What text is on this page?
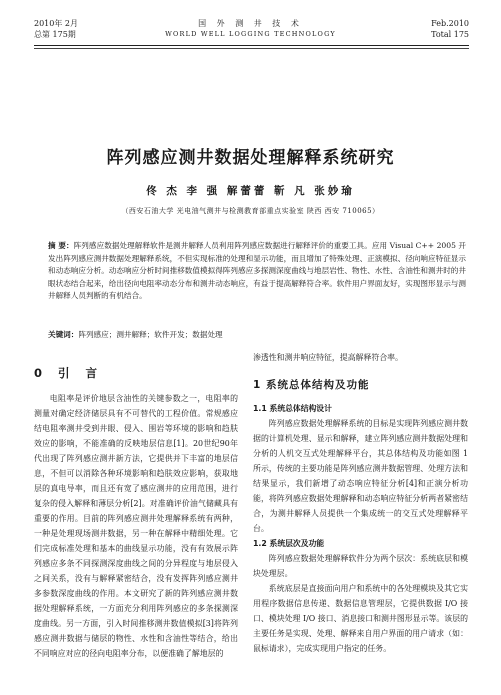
2010年 2月
总第 175期
国 外 测 井 技 术
WORLD WELL LOGGING TECHNOLOGY
Feb.2010
Total 175
阵列感应测井数据处理解释系统研究
佟 杰 李 强 解蕾蕾 靳 凡 张妙瑜
（西安石油大学 光电油气测井与检测教育部重点实验室 陕西 西安 710065）
摘 要：阵列感应数据处理解释软件是测井解释人员利用阵列感应数据进行解释评价的重要工具。应用 Visual C++ 2005 开发出阵列感应测井数据处理解释系统，不但实现标准的处理和显示功能，而且增加了特殊处理、正演模拟、径向响应特征显示和动态响应分析。动态响应分析时间推移数值模拟得阵列感应多探测深度曲线与地层岩性、物性、水性、含油性和测井时的井眼状态结合起来，给出径向电阻率动态分布和测井动态响应，有益于提高解释符合率。软件用户界面友好，实现图形显示与测井解释人员判断的有机结合。
关键词：阵列感应；测井解释；软件开发；数据处理
0 引 言

电阻率是评价地层含油性的关键参数之一，电阻率的测量对确定经济储层具有不可替代的工程价值。常规感应结电阻率测井受到井眼、侵入、围岩等环境的影响和趋肤效应的影响，不能准确的反映地层信息[1]。20世纪90年代出现了阵列感应测井新方法，它提供并下丰富的地层信息，不但可以消除各种环境影响和趋肤效应影响，获取地层的真电导率，而且还有宽了感应测井的应用范围，进行复杂的侵入解释和薄层分析[2]。对准确评价油气储藏具有重要的作用。目前的阵列感应测井处理解释系统有两种，一种是处理现场测井数据，另一种在解释中精细处理。它们完成标准处理和基本的曲线显示功能，没有有效展示阵列感应多条不同探测深度曲线之间的分异程度与地层侵入之间关系，没有与解释紧密结合，没有发挥阵列感应测井多参数深度曲线的作用。本文研究了新的阵列感应测井数据处理解释系统，一方面充分利用阵列感应的多条探测深度曲线。另一方面，引入时间推移测井数值模拟[3]将阵列感应测井数据与储层的物性、水性和含油性等结合，给出不同响应对应的径向电阻率分布，以便准确了解地层的

渗透性和测井响应特征，提高解释符合率。

1 系统总体结构及功能
1.1 系统总体结构设计

阵列感应数据处理解释系统的目标是实现阵列感应测井数据的计算机处理、显示和解释，建立阵列感应测井数据处理和分析的人机交互式处理解释平台，其总体结构及功能如图 1 所示，传统的主要功能是阵列感应测井数据管理、处理方法和结果显示，我们新增了动态响应特征分析[4]和正演分析功能，将阵列感应数据处理解释和动态响应特征分析两者紧密结合，为测井解释人员提供一个集成统一的交互式处理解释平台。

1.2 系统层次及功能

阵列感应数据处理解释软件分为两个层次：系统底层和模块处理层。

系统底层是直接面向用户和系统中的各处理模块及其它实用程序数据信息传递、数据信息管理层，它提供数据 I/O 接口、模块处理 I/O 接口、消息接口和测井图形显示等。该层的主要任务是实现、处理、解释来自用户界面的用户请求（如：鼠标请求），完成实现用户指定的任务。
